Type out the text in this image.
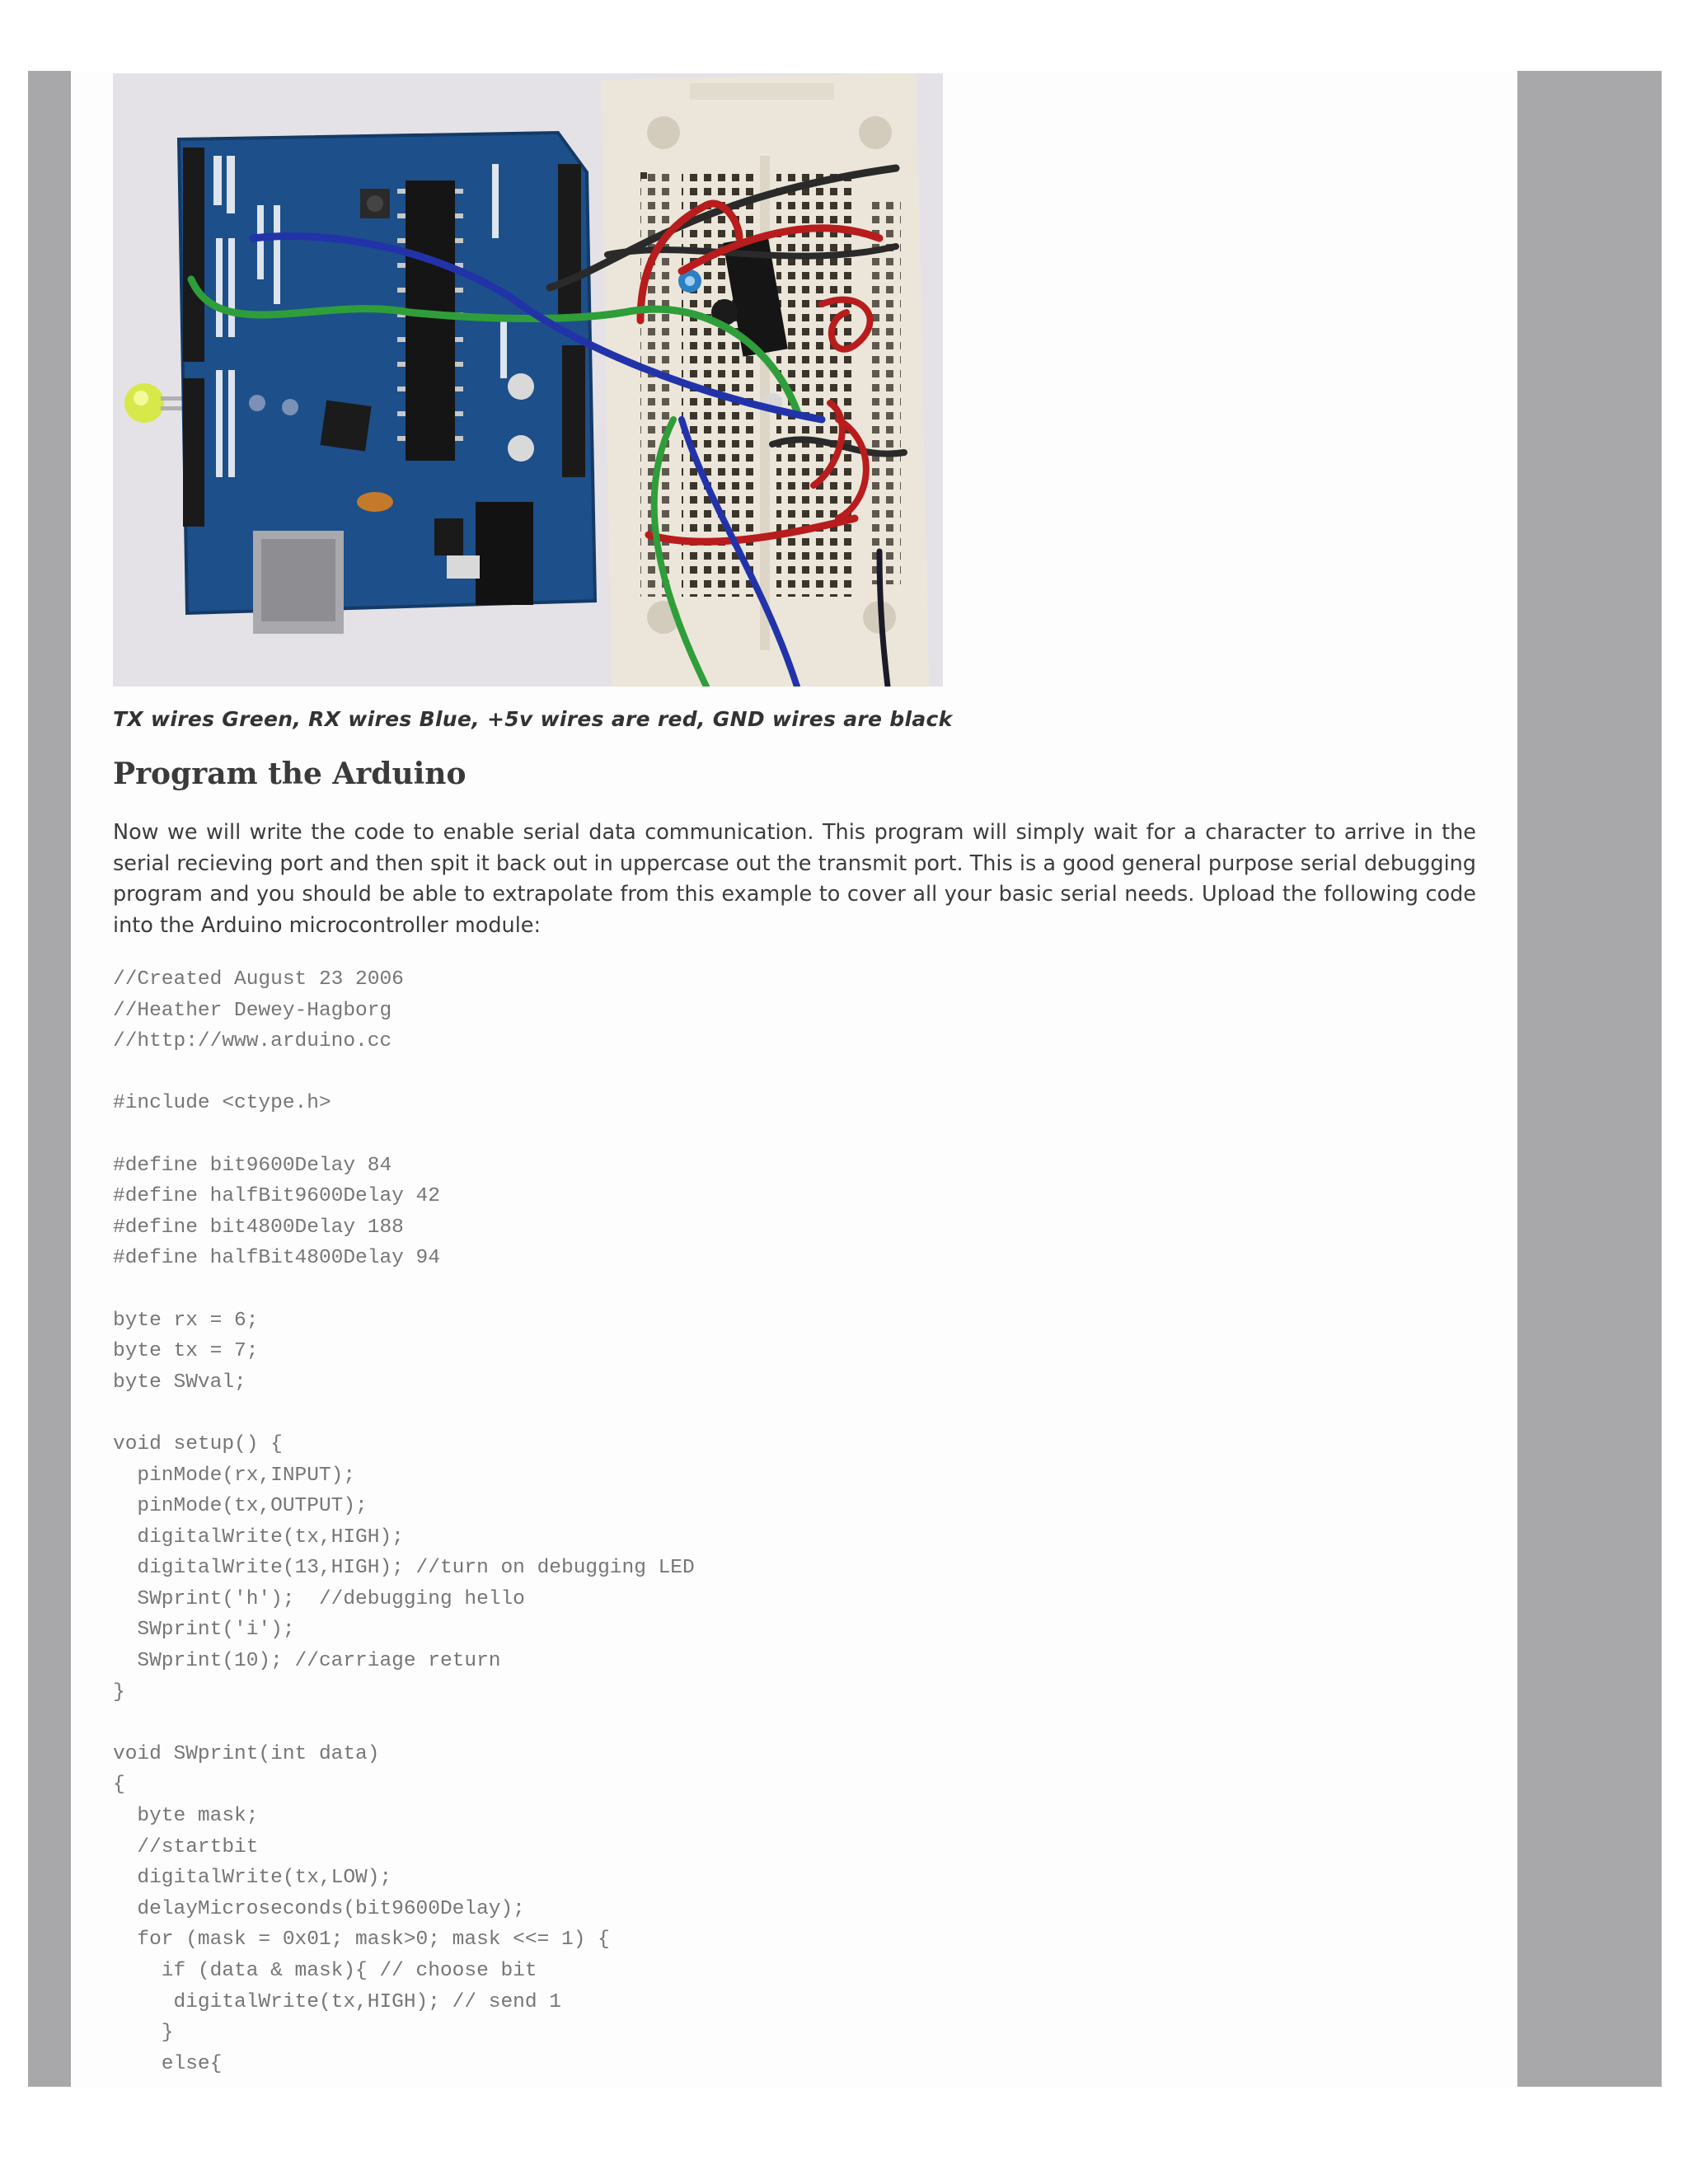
TX wires Green, RX wires Blue, +5v wires are red, GND wires are black
Program the Arduino

Now we will write the code to enable serial data communication. This program will simply wait for a character to arrive in the serial recieving port and then spit it back out in uppercase out the transmit port. This is a good general purpose serial debugging program and you should be able to extrapolate from this example to cover all your basic serial needs. Upload the following code into the Arduino microcontroller module:

//Created August 23 2006
//Heather Dewey-Hagborg
//http://www.arduino.cc

#include <ctype.h>

#define bit9600Delay 84
#define halfBit9600Delay 42
#define bit4800Delay 188
#define halfBit4800Delay 94

byte rx = 6;
byte tx = 7;
byte SWval;

void setup() {
pinMode(rx,INPUT);
pinMode(tx,OUTPUT);
digitalWrite(tx,HIGH);
digitalWrite(13,HIGH); //turn on debugging LED
SWprint('h');  //debugging hello
SWprint('i');
SWprint(10); //carriage return
}

void SWprint(int data)
{
byte mask;
//startbit
digitalWrite(tx,LOW);
delayMicroseconds(bit9600Delay);
for (mask = 0x01; mask>0; mask <<= 1) {
if (data & mask){ // choose bit
digitalWrite(tx,HIGH); // send 1
}
else{
